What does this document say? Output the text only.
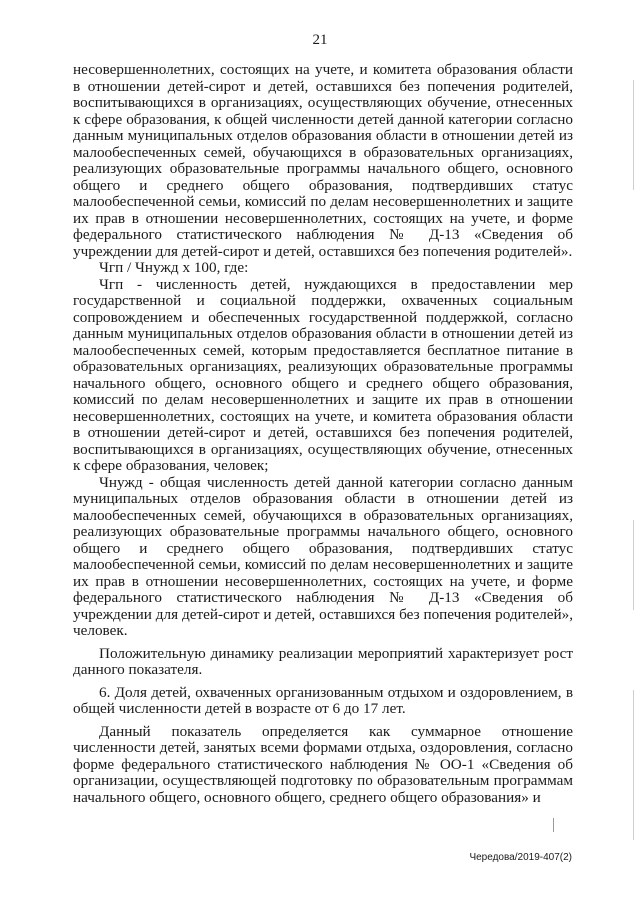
21

несовершеннолетних, состоящих на учете, и комитета образования области в отношении детей-сирот и детей, оставшихся без попечения родителей, воспитывающихся в организациях, осуществляющих обучение, отнесенных к сфере образования, к общей численности детей данной категории согласно данным муниципальных отделов образования области в отношении детей из малообеспеченных семей, обучающихся в образовательных организациях, реализующих образовательные программы начального общего, основного общего и среднего общего образования, подтвердивших статус малообеспеченной семьи, комиссий по делам несовершеннолетних и защите их прав в отношении несовершеннолетних, состоящих на учете, и форме федерального статистического наблюдения № Д-13 «Сведения об учреждении для детей-сирот и детей, оставшихся без попечения родителей».

Чгп / Чнужд x 100, где:

Чгп - численность детей, нуждающихся в предоставлении мер государственной и социальной поддержки, охваченных социальным сопровождением и обеспеченных государственной поддержкой, согласно данным муниципальных отделов образования области в отношении детей из малообеспеченных семей, которым предоставляется бесплатное питание в образовательных организациях, реализующих образовательные программы начального общего, основного общего и среднего общего образования, комиссий по делам несовершеннолетних и защите их прав в отношении несовершеннолетних, состоящих на учете, и комитета образования области в отношении детей-сирот и детей, оставшихся без попечения родителей, воспитывающихся в организациях, осуществляющих обучение, отнесенных к сфере образования, человек;

Чнужд - общая численность детей данной категории согласно данным муниципальных отделов образования области в отношении детей из малообеспеченных семей, обучающихся в образовательных организациях, реализующих образовательные программы начального общего, основного общего и среднего общего образования, подтвердивших статус малообеспеченной семьи, комиссий по делам несовершеннолетних и защите их прав в отношении несовершеннолетних, состоящих на учете, и форме федерального статистического наблюдения № Д-13 «Сведения об учреждении для детей-сирот и детей, оставшихся без попечения родителей», человек.

Положительную динамику реализации мероприятий характеризует рост данного показателя.

6. Доля детей, охваченных организованным отдыхом и оздоровлением, в общей численности детей в возрасте от 6 до 17 лет.

Данный показатель определяется как суммарное отношение численности детей, занятых всеми формами отдыха, оздоровления, согласно форме федерального статистического наблюдения № ОО-1 «Сведения об организации, осуществляющей подготовку по образовательным программам начального общего, основного общего, среднего общего образования» и

Чередова/2019-407(2)
